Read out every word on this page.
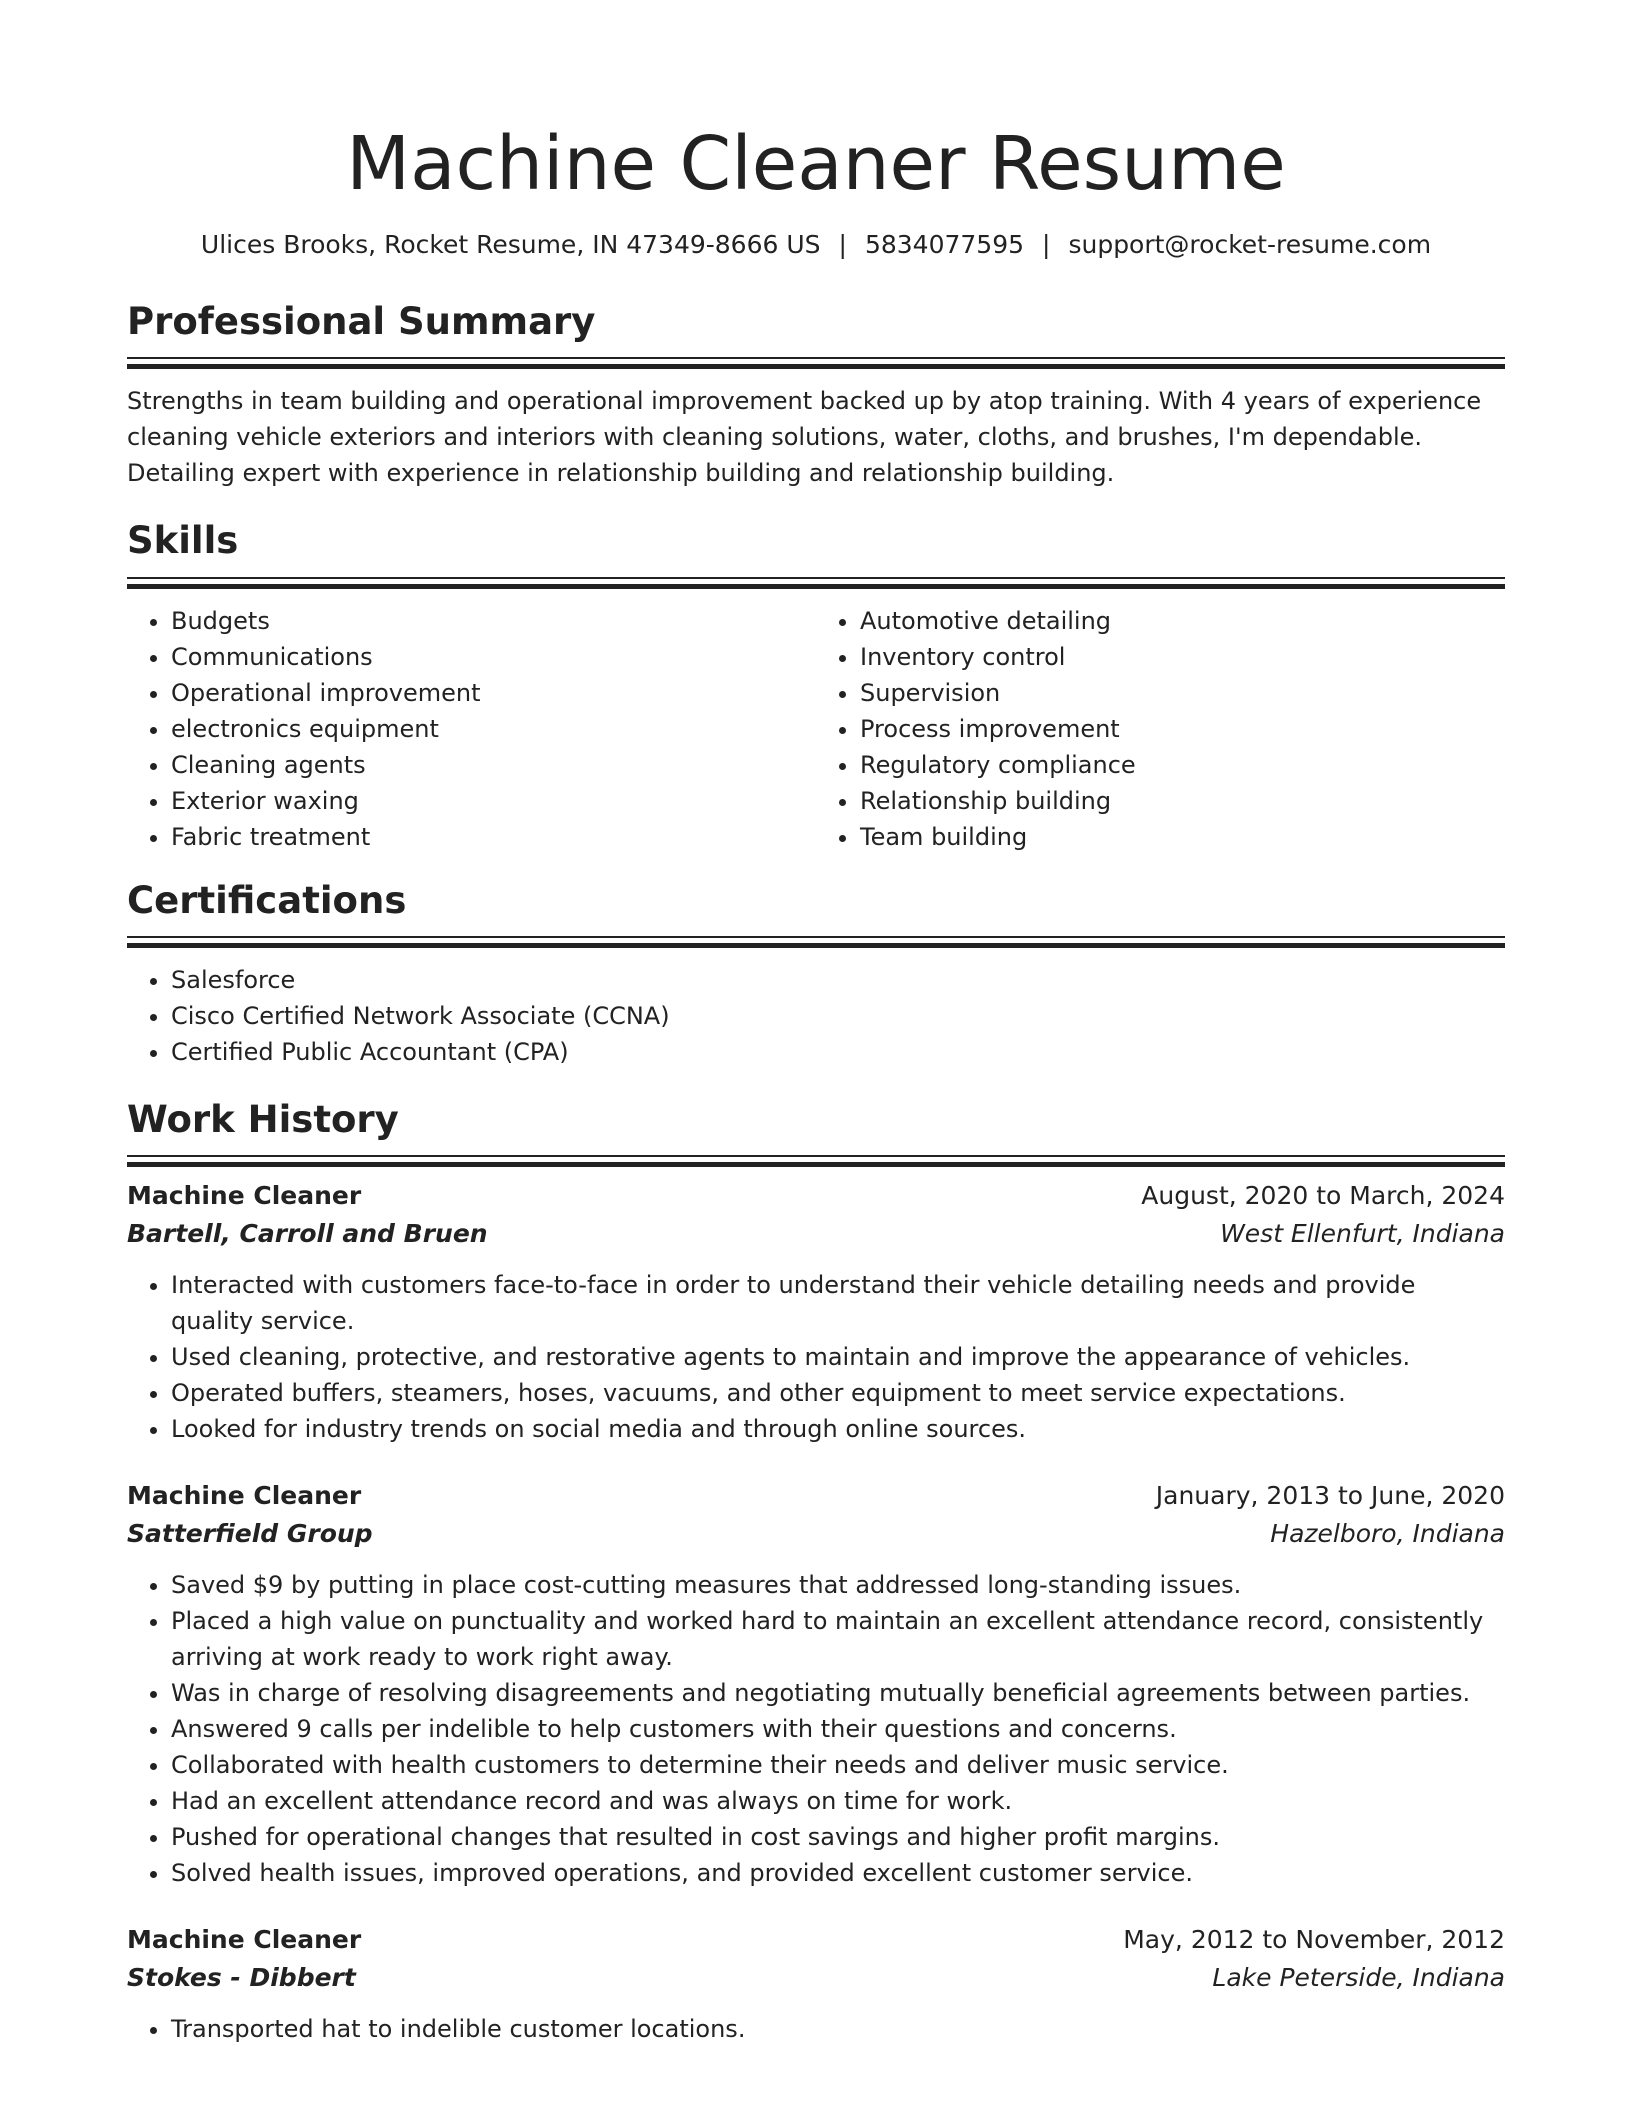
Machine Cleaner Resume
Ulices Brooks, Rocket Resume, IN 47349-8666 US | 5834077595 | support@rocket-resume.com
Professional Summary
Strengths in team building and operational improvement backed up by atop training. With 4 years of experience cleaning vehicle exteriors and interiors with cleaning solutions, water, cloths, and brushes, I'm dependable. Detailing expert with experience in relationship building and relationship building.
Skills
• Budgets
• Communications
• Operational improvement
• electronics equipment
• Cleaning agents
• Exterior waxing
• Fabric treatment
• Automotive detailing
• Inventory control
• Supervision
• Process improvement
• Regulatory compliance
• Relationship building
• Team building
Certifications
• Salesforce
• Cisco Certified Network Associate (CCNA)
• Certified Public Accountant (CPA)
Work History
Machine Cleaner	August, 2020 to March, 2024
Bartell, Carroll and Bruen	West Ellenfurt, Indiana
• Interacted with customers face-to-face in order to understand their vehicle detailing needs and provide quality service.
• Used cleaning, protective, and restorative agents to maintain and improve the appearance of vehicles.
• Operated buffers, steamers, hoses, vacuums, and other equipment to meet service expectations.
• Looked for industry trends on social media and through online sources.
Machine Cleaner	January, 2013 to June, 2020
Satterfield Group	Hazelboro, Indiana
• Saved $9 by putting in place cost-cutting measures that addressed long-standing issues.
• Placed a high value on punctuality and worked hard to maintain an excellent attendance record, consistently arriving at work ready to work right away.
• Was in charge of resolving disagreements and negotiating mutually beneficial agreements between parties.
• Answered 9 calls per indelible to help customers with their questions and concerns.
• Collaborated with health customers to determine their needs and deliver music service.
• Had an excellent attendance record and was always on time for work.
• Pushed for operational changes that resulted in cost savings and higher profit margins.
• Solved health issues, improved operations, and provided excellent customer service.
Machine Cleaner	May, 2012 to November, 2012
Stokes - Dibbert	Lake Peterside, Indiana
• Transported hat to indelible customer locations.
